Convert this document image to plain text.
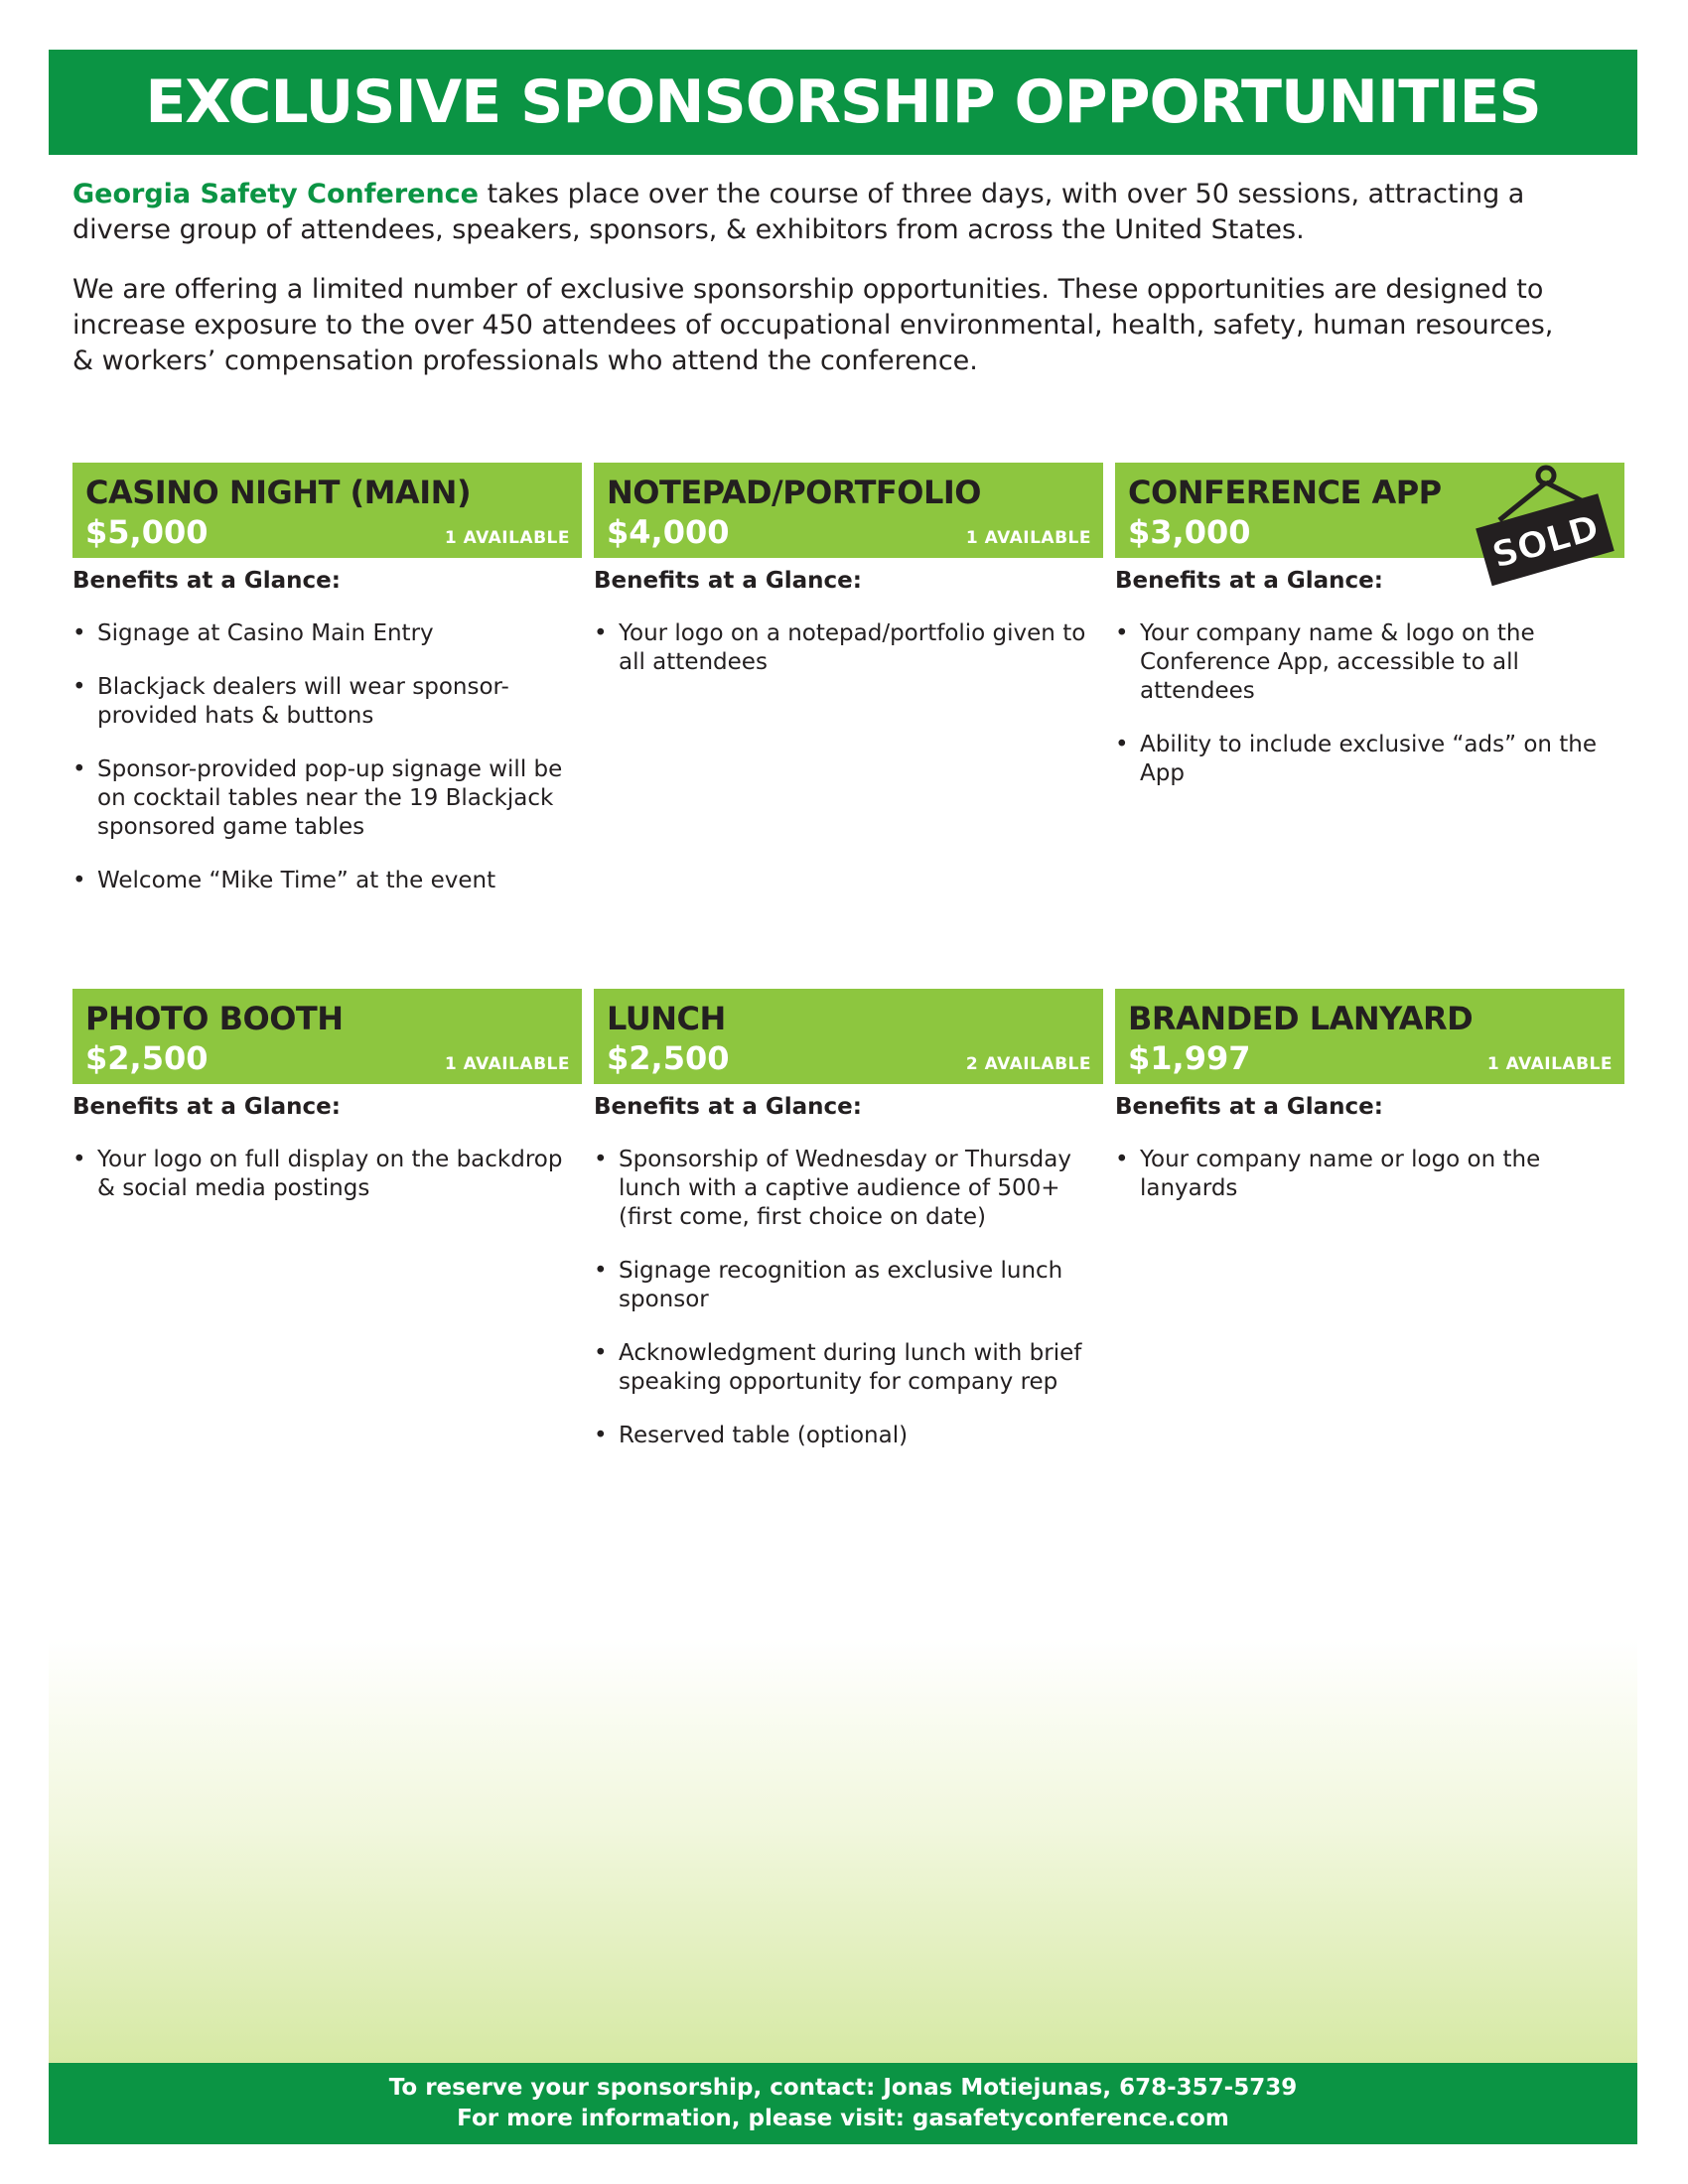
EXCLUSIVE SPONSORSHIP OPPORTUNITIES

Georgia Safety Conference takes place over the course of three days, with over 50 sessions, attracting a diverse group of attendees, speakers, sponsors, & exhibitors from across the United States.

We are offering a limited number of exclusive sponsorship opportunities. These opportunities are designed to increase exposure to the over 450 attendees of occupational environmental, health, safety, human resources, & workers’ compensation professionals who attend the conference.

CASINO NIGHT (MAIN)
$5,000	1 AVAILABLE
Benefits at a Glance:
• Signage at Casino Main Entry
• Blackjack dealers will wear sponsor-provided hats & buttons
• Sponsor-provided pop-up signage will be on cocktail tables near the 19 Blackjack sponsored game tables
• Welcome “Mike Time” at the event
NOTEPAD/PORTFOLIO
$4,000	1 AVAILABLE
Benefits at a Glance:
• Your logo on a notepad/portfolio given to all attendees
CONFERENCE APP
$3,000
Benefits at a Glance:
• Your company name & logo on the Conference App, accessible to all attendees
• Ability to include exclusive “ads” on the App
SOLD
PHOTO BOOTH
$2,500	1 AVAILABLE
Benefits at a Glance:
• Your logo on full display on the backdrop & social media postings
LUNCH
$2,500	2 AVAILABLE
Benefits at a Glance:
• Sponsorship of Wednesday or Thursday lunch with a captive audience of 500+ (first come, first choice on date)
• Signage recognition as exclusive lunch sponsor
• Acknowledgment during lunch with brief speaking opportunity for company rep
• Reserved table (optional)
BRANDED LANYARD
$1,997	1 AVAILABLE
Benefits at a Glance:
• Your company name or logo on the lanyards
To reserve your sponsorship, contact: Jonas Motiejunas, 678-357-5739
For more information, please visit: gasafetyconference.com
